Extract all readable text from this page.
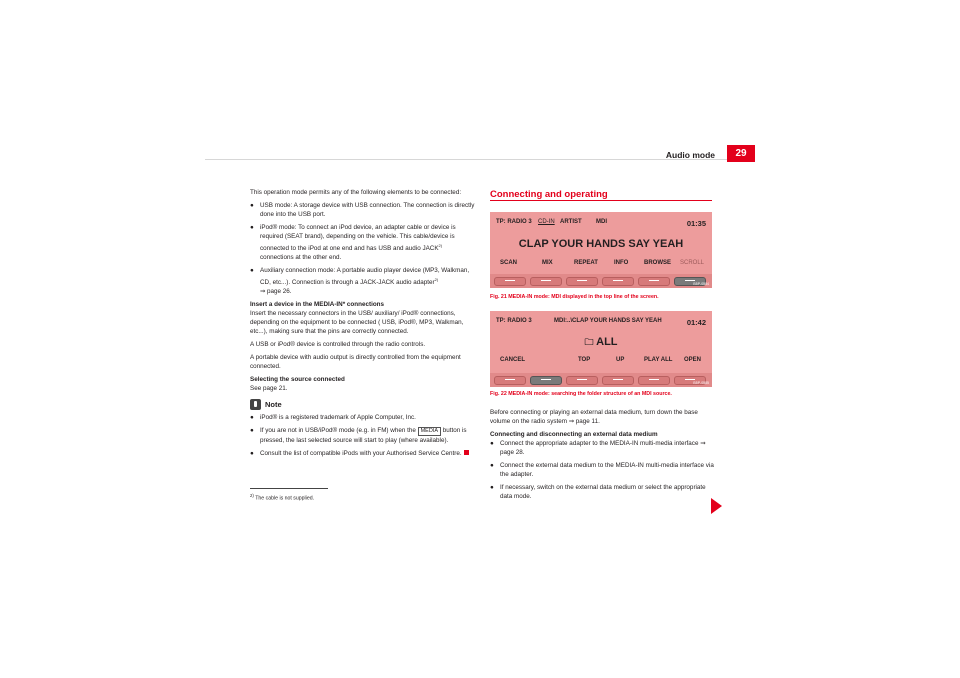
Audio mode	29

This operation mode permits any of the following elements to be connected:

● USB mode: A storage device with USB connection. The connection is directly done into the USB port.

● iPod® mode: To connect an iPod device, an adapter cable or device is required (SEAT brand), depending on the vehicle. This cable/device is connected to the iPod at one end and has USB and audio JACK$^{2)}$ connections at the other end.

● Auxiliary connection mode: A portable audio player device (MP3, Walkman, CD, etc...). Connection is through a JACK-JACK audio adapter$^{2)}$
⇒ page 26.

Insert a device in the MEDIA-IN* connections

Insert the necessary connectors in the USB/ auxiliary/ iPod® connections, depending on the equipment to be connected ( USB, iPod®, MP3, Walkman, etc...), making sure that the pins are correctly connected.

A USB or iPod® device is controlled through the radio controls.

A portable device with audio output is directly controlled from the equipment connected.

Selecting the source connected

See page 21.

Note

● iPod® is a registered trademark of Apple Computer, Inc.

● If you are not in USB/iPod® mode (e.g. in FM) when the MEDIA button is pressed, the last selected source will start to play (where available).

● Consult the list of compatible iPods with your Authorised Service Centre.

$^{2)}$ The cable is not supplied.
Connecting and operating
TP: RADIO 3 CD-IN ARTIST MDI	01:35
CLAP YOUR HANDS SAY YEAH
SCAN	MIX	REPEAT	INFO	BROWSE SCROLL
B5P-0584
Fig. 21 MEDIA-IN mode: MDI displayed in the top line of the screen.
TP: RADIO 3	MDI:..\CLAP YOUR HANDS SAY YEAH	01:42
🗀 ALL
CANCEL	TOP	UP	PLAY ALL OPEN
B5P-0585
Fig. 22 MEDIA-IN mode: searching the folder structure of an MDI source.

Before connecting or playing an external data medium, turn down the base volume on the radio system ⇒ page 11.

Connecting and disconnecting an external data medium

● Connect the appropriate adapter to the MEDIA-IN multi-media interface ⇒ page 28.

● Connect the external data medium to the MEDIA-IN multi-media interface via the adapter.

● If necessary, switch on the external data medium or select the appropriate data mode.
